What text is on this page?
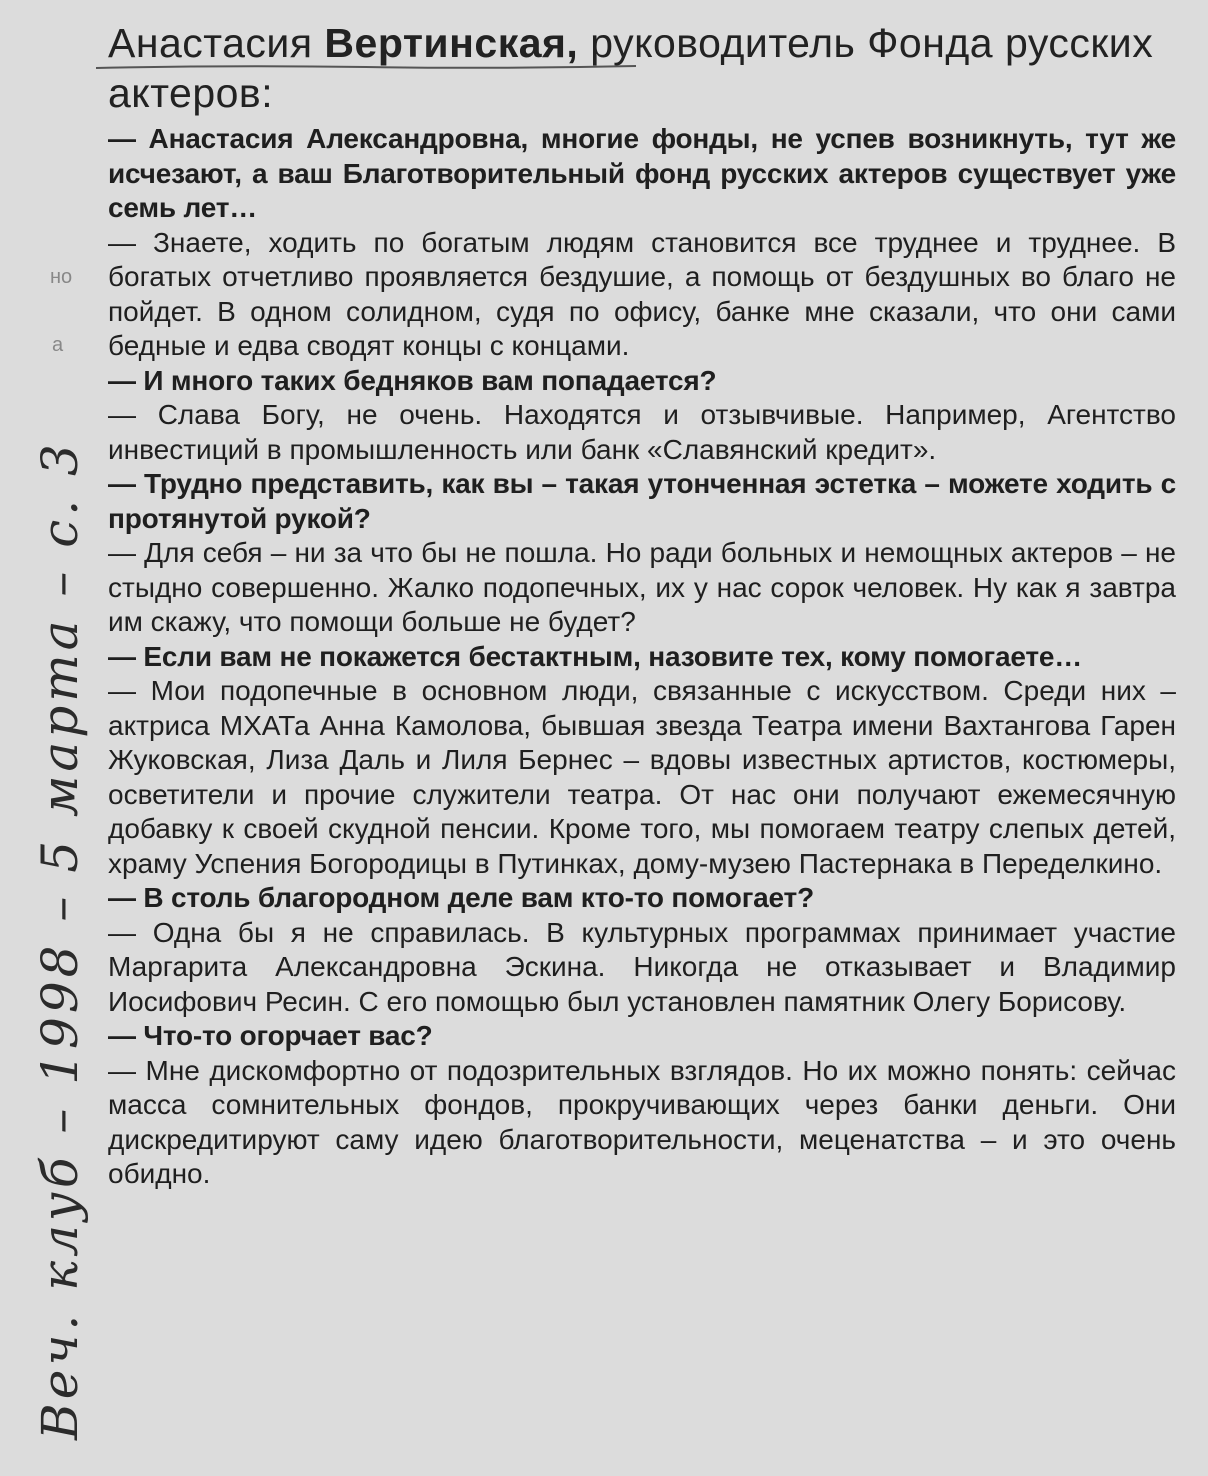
но
а
Веч. клуб – 1998 – 5 марта – с. 3
Анастасия Вертинская, руководитель Фонда русских актеров:

— Анастасия Александровна, многие фонды, не успев возникнуть, тут же исчезают, а ваш Благотворительный фонд русских актеров существует уже семь лет…

— Знаете, ходить по богатым людям становится все труднее и труднее. В богатых отчетливо проявляется бездушие, а помощь от бездушных во благо не пойдет. В одном солидном, судя по офису, банке мне сказали, что они сами бедные и едва сводят концы с концами.

— И много таких бедняков вам попадается?

— Слава Богу, не очень. Находятся и отзывчивые. Например, Агентство инвестиций в промышленность или банк «Славянский кредит».

— Трудно представить, как вы – такая утонченная эстетка – можете ходить с протянутой рукой?

— Для себя – ни за что бы не пошла. Но ради больных и немощных актеров – не стыдно совершенно. Жалко подопечных, их у нас сорок человек. Ну как я завтра им скажу, что помощи больше не будет?

— Если вам не покажется бестактным, назовите тех, кому помогаете…

— Мои подопечные в основном люди, связанные с искусством. Среди них – актриса МХАТа Анна Камолова, бывшая звезда Театра имени Вахтангова Гарен Жуковская, Лиза Даль и Лиля Бернес – вдовы известных артистов, костюмеры, осветители и прочие служители театра. От нас они получают ежемесячную добавку к своей скудной пенсии. Кроме того, мы помогаем театру слепых детей, храму Успения Богородицы в Путинках, дому-музею Пастернака в Переделкино.

— В столь благородном деле вам кто-то помогает?

— Одна бы я не справилась. В культурных программах принимает участие Маргарита Александровна Эскина. Никогда не отказывает и Владимир Иосифович Ресин. С его помощью был установлен памятник Олегу Борисову.

— Что-то огорчает вас?

— Мне дискомфортно от подозрительных взглядов. Но их можно понять: сейчас масса сомнительных фондов, прокручивающих через банки деньги. Они дискредитируют саму идею благотворительности, меценатства – и это очень обидно.
